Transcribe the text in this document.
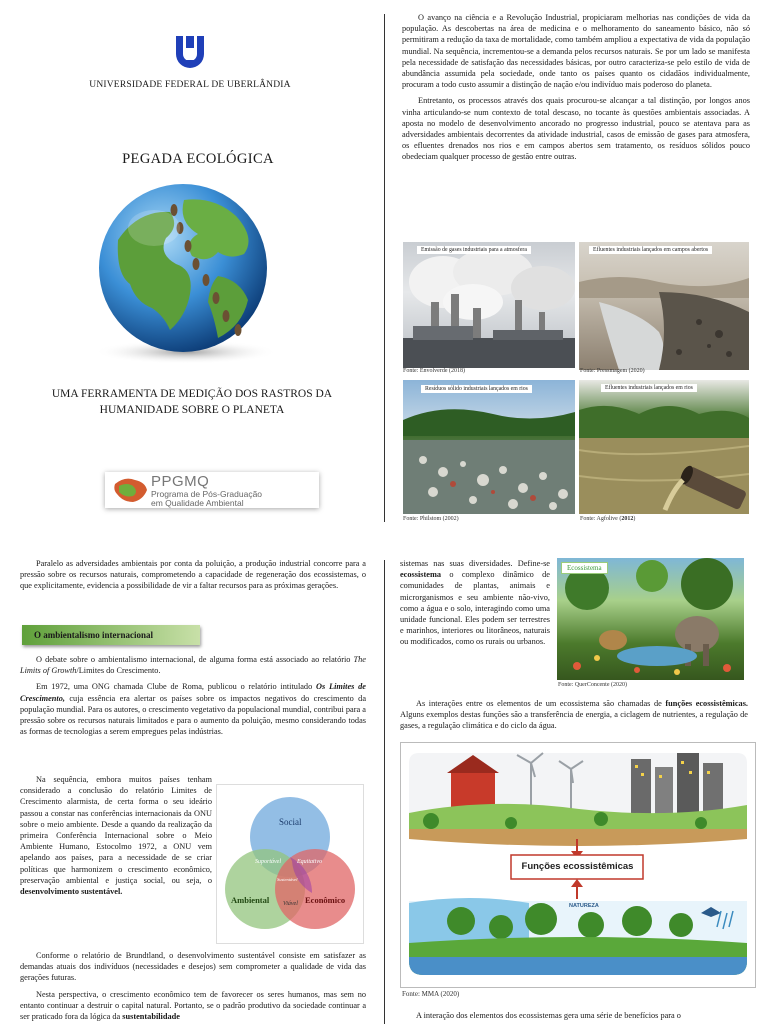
UNIVERSIDADE FEDERAL DE UBERLÂNDIA
PEGADA ECOLÓGICA
UMA FERRAMENTA DE MEDIÇÃO DOS RASTROS DA
HUMANIDADE SOBRE O PLANETA
PPGMQ
Programa de Pós-Graduação
em Qualidade Ambiental

O avanço na ciência e a Revolução Industrial, propiciaram melhorias nas condições de vida da população. As descobertas na área de medicina e o melhoramento do saneamento básico, não só permitiram a redução da taxa de mortalidade, como também ampliou a expectativa de vida da população mundial. Na sequência, incrementou-se a demanda pelos recursos naturais. Se por um lado se manifesta pela necessidade de satisfação das necessidades básicas, por outro caracteriza-se pelo estilo de vida de abundância assumida pela sociedade, onde tanto os países quanto os cidadãos individualmente, procuram a todo custo assumir a distinção de nação e/ou indivíduo mais poderoso do planeta.

Entretanto, os processos através dos quais procurou-se alcançar a tal distinção, por longos anos vinha articulando-se num contexto de total descaso, no tocante às questões ambientais associadas. A aposta no modelo de desenvolvimento ancorado no progresso industrial, pouco se atentava para as adversidades ambientais decorrentes da atividade industrial, casos de emissão de gases para atmosfera, os efluentes drenados nos rios e em campos abertos sem tratamento, os resíduos sólidos pouco obedeciam qualquer processo de gestão entre outras.

Emissão de gases industriais para a atmosfera
Fonte: Envolverde (2018)
Efluentes industriais lançados em campos abertos
Fonte: Pressmagem (2020)
Resíduos sólido industriais lançados em rios
Fonte: Philstom (2002)
Efluentes industriais lançados em rios
Fonte: Agfolive (2012)

Paralelo as adversidades ambientais por conta da poluição, a produção industrial concorre para a pressão sobre os recursos naturais, comprometendo a capacidade de regeneração dos ecossistemas, o que explicitamente, evidencia a possibilidade de vir a faltar recursos para as próximas gerações.

O ambientalismo internacional

O debate sobre o ambientalismo internacional, de alguma forma está associado ao relatório The Limits of Growth/Limites do Crescimento.

Em 1972, uma ONG chamada Clube de Roma, publicou o relatório intitulado Os Limites de Crescimento, cuja essência era alertar os países sobre os impactos negativos do crescimento da população mundial. Para os autores, o crescimento vegetativo da populacional mundial, contribui para a pressão sobre os recursos naturais limitados e para o aumento da poluição, mesmo considerando todas as formas de tecnologias a serem empregues pelas indústrias.

Na sequência, embora muitos países tenham considerado a conclusão do relatório Limites de Crescimento alarmista, de certa forma o seu ideário passou a constar nas conferências internacionais da ONU sobre o meio ambiente. Desde a quando da realização da primeira Conferência Internacional sobre o Meio Ambiente Humano, Estocolmo 1972, a ONU vem apelando aos países, para a necessidade de se criar políticas que harmonizem o crescimento econômico, preservação ambiental e justiça social, ou seja, o desenvolvimento sustentável.

Social
Ambiental	Econômico
Suportável	Equitativo
Viável
Sustentável

Conforme o relatório de Brundtland, o desenvolvimento sustentável consiste em satisfazer as demandas atuais dos indivíduos (necessidades e desejos) sem comprometer a qualidade de vida das gerações futuras.

Nesta perspectiva, o crescimento econômico tem de favorecer os seres humanos, mas sem no entanto continuar a destruir o capital natural. Portanto, se o padrão produtivo da sociedade continuar a ser praticado fora da lógica da sustentabilidade

sistemas nas suas diversidades. Define-se ecossistema o complexo dinâmico de comunidades de plantas, animais e microrganismos e seu ambiente não-vivo, como a água e o solo, interagindo como uma unidade funcional. Eles podem ser terrestres e marinhos, interiores ou litorâneos, naturais ou modificados, como os rurais ou urbanos.

Ecossistema
Fonte: QuerConcente (2020)

As interações entre os elementos de um ecossistema são chamadas de funções ecossistêmicas. Alguns exemplos destas funções são a transferência de energia, a ciclagem de nutrientes, a regulação de gases, a regulação climática e do ciclo da água.

Funções ecossistêmicas
NATUREZA
Fonte: MMA (2020)

A interação dos elementos dos ecossistemas gera uma série de benefícios para o
